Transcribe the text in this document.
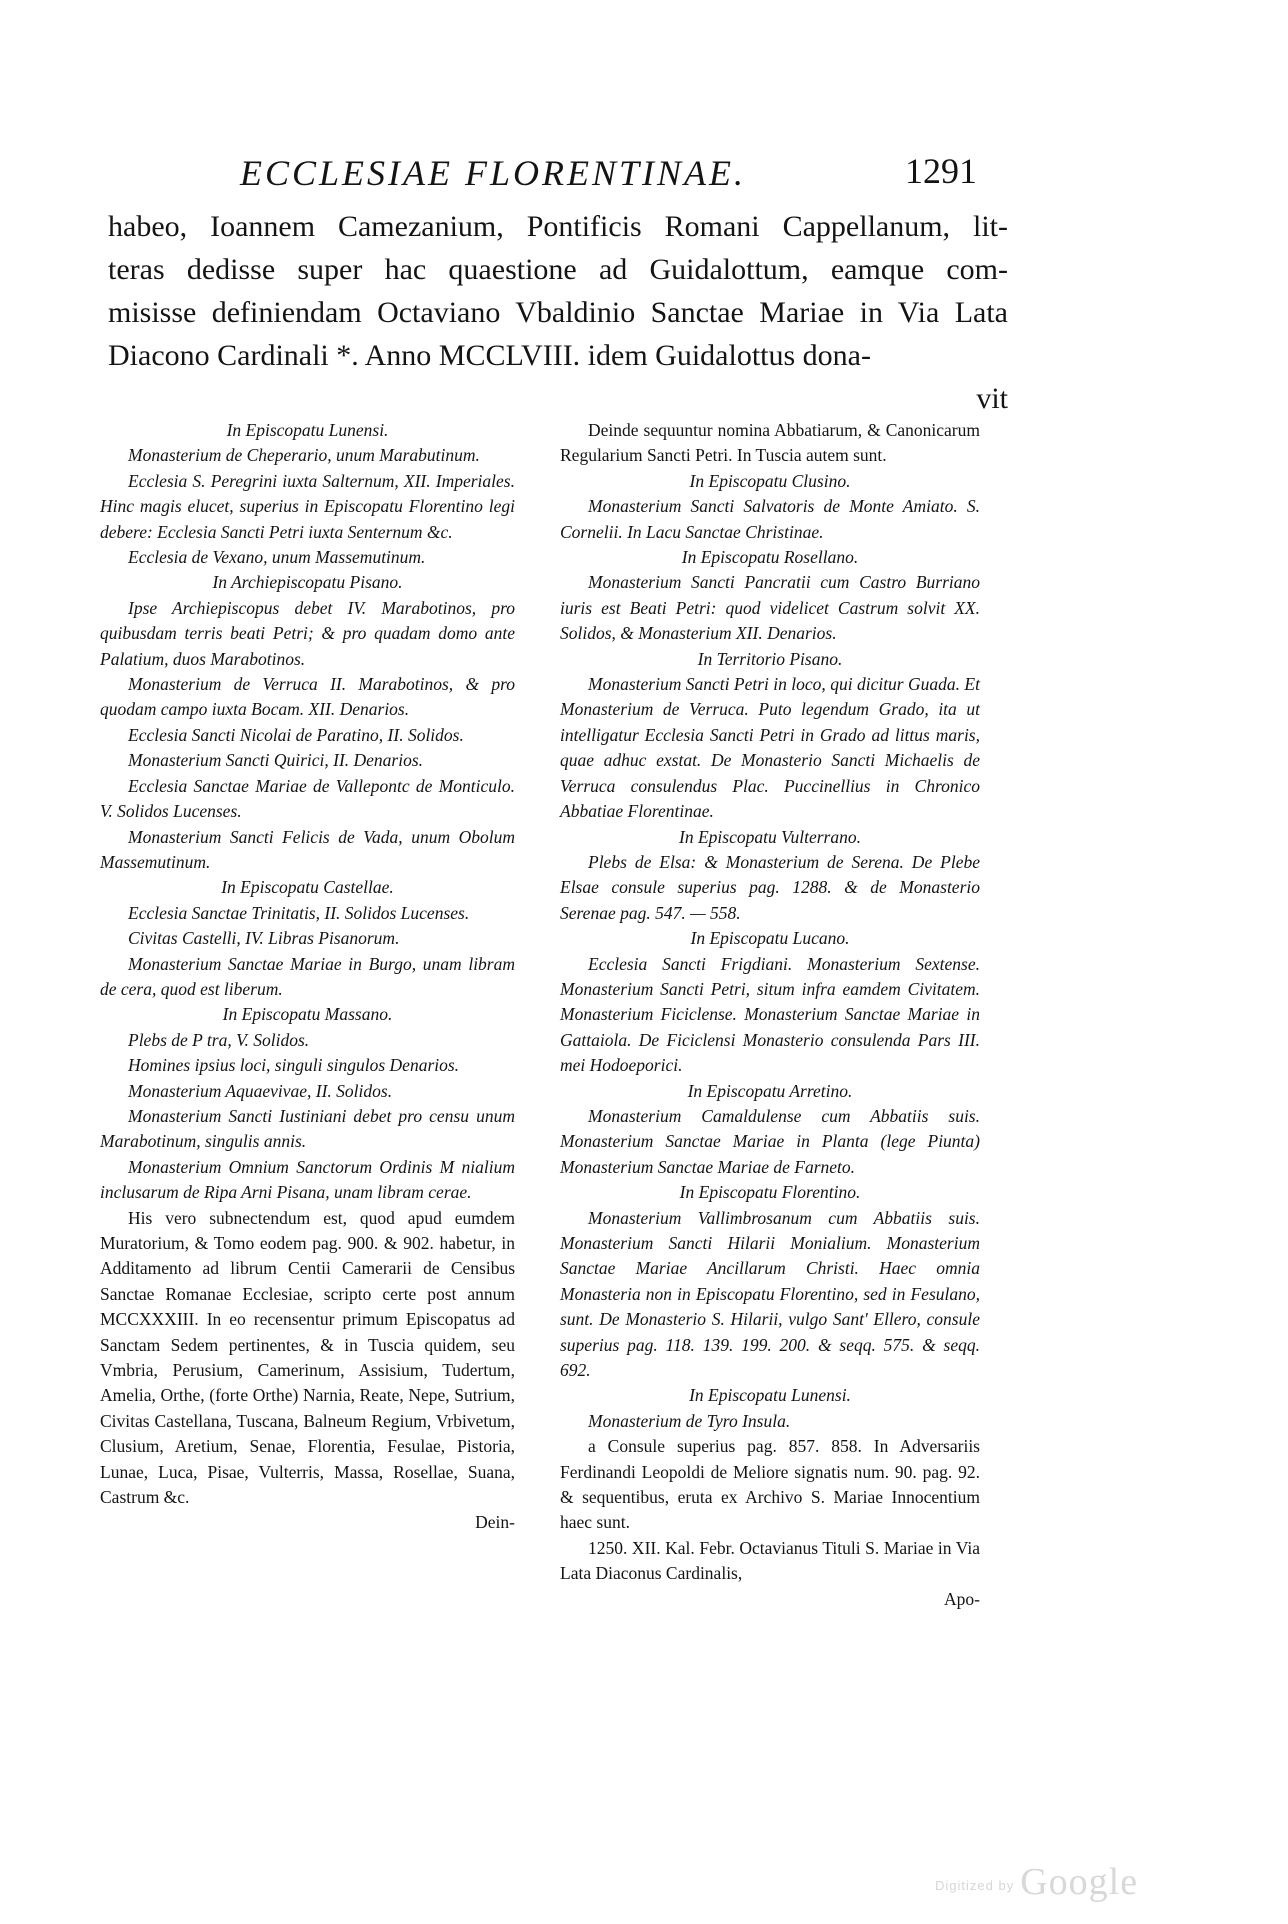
ECCLESIAE FLORENTINAE.	1291
habeo, Ioannem Camezanium, Pontificis Romani Cappellanum, lit-
teras dedisse super hac quaestione ad Guidalottum, eamque com-
misisse definiendam Octaviano Vbaldinio Sanctae Mariae in Via Lata
Diacono Cardinali *. Anno MCCLVIII. idem Guidalottus dona-
vit

In Episcopatu Lunensi.

Monasterium de Cheperario, unum Marabutinum.

Ecclesia S. Peregrini iuxta Salternum, XII. Imperiales. Hinc magis elucet, superius in Episcopatu Florentino legi debere: Ecclesia Sancti Petri iuxta Senternum &c.

Ecclesia de Vexano, unum Massemutinum.

In Archiepiscopatu Pisano.

Ipse Archiepiscopus debet IV. Marabotinos, pro quibusdam terris beati Petri; & pro quadam domo ante Palatium, duos Marabotinos.

Monasterium de Verruca II. Marabotinos, & pro quodam campo iuxta Bocam. XII. Denarios.

Ecclesia Sancti Nicolai de Paratino, II. Solidos.

Monasterium Sancti Quirici, II. Denarios.

Ecclesia Sanctae Mariae de Vallepontc de Monticulo. V. Solidos Lucenses.

Monasterium Sancti Felicis de Vada, unum Obolum Massemutinum.

In Episcopatu Castellae.

Ecclesia Sanctae Trinitatis, II. Solidos Lucenses.

Civitas Castelli, IV. Libras Pisanorum.

Monasterium Sanctae Mariae in Burgo, unam libram de cera, quod est liberum.

In Episcopatu Massano.

Plebs de P tra, V. Solidos.

Homines ipsius loci, singuli singulos Denarios.

Monasterium Aquaevivae, II. Solidos.

Monasterium Sancti Iustiniani debet pro censu unum Marabotinum, singulis annis.

Monasterium Omnium Sanctorum Ordinis M nialium inclusarum de Ripa Arni Pisana, unam libram cerae.

His vero subnectendum est, quod apud eumdem Muratorium, & Tomo eodem pag. 900. & 902. habetur, in Additamento ad librum Centii Camerarii de Censibus Sanctae Romanae Ecclesiae, scripto certe post annum MCCXXXIII. In eo recensentur primum Episcopatus ad Sanctam Sedem pertinentes, & in Tuscia quidem, seu Vmbria, Perusium, Camerinum, Assisium, Tudertum, Amelia, Orthe, (forte Orthe) Narnia, Reate, Nepe, Sutrium, Civitas Castellana, Tuscana, Balneum Regium, Vrbivetum, Clusium, Aretium, Senae, Florentia, Fesulae, Pistoria, Lunae, Luca, Pisae, Vulterris, Massa, Rosellae, Suana, Castrum &c.

Dein-

Deinde sequuntur nomina Abbatiarum, & Canonicarum Regularium Sancti Petri. In Tuscia autem sunt.

In Episcopatu Clusino.

Monasterium Sancti Salvatoris de Monte Amiato. S. Cornelii. In Lacu Sanctae Christinae.

In Episcopatu Rosellano.

Monasterium Sancti Pancratii cum Castro Burriano iuris est Beati Petri: quod videlicet Castrum solvit XX. Solidos, & Monasterium XII. Denarios.

In Territorio Pisano.

Monasterium Sancti Petri in loco, qui dicitur Guada. Et Monasterium de Verruca. Puto legendum Grado, ita ut intelligatur Ecclesia Sancti Petri in Grado ad littus maris, quae adhuc exstat. De Monasterio Sancti Michaelis de Verruca consulendus Plac. Puccinellius in Chronico Abbatiae Florentinae.

In Episcopatu Vulterrano.

Plebs de Elsa: & Monasterium de Serena. De Plebe Elsae consule superius pag. 1288. & de Monasterio Serenae pag. 547. — 558.

In Episcopatu Lucano.

Ecclesia Sancti Frigdiani. Monasterium Sextense. Monasterium Sancti Petri, situm infra eamdem Civitatem. Monasterium Ficiclense. Monasterium Sanctae Mariae in Gattaiola. De Ficiclensi Monasterio consulenda Pars III. mei Hodoeporici.

In Episcopatu Arretino.

Monasterium Camaldulense cum Abbatiis suis. Monasterium Sanctae Mariae in Planta (lege Piunta) Monasterium Sanctae Mariae de Farneto.

In Episcopatu Florentino.

Monasterium Vallimbrosanum cum Abbatiis suis. Monasterium Sancti Hilarii Monialium. Monasterium Sanctae Mariae Ancillarum Christi. Haec omnia Monasteria non in Episcopatu Florentino, sed in Fesulano, sunt. De Monasterio S. Hilarii, vulgo Sant' Ellero, consule superius pag. 118. 139. 199. 200. & seqq. 575. & seqq. 692.

In Episcopatu Lunensi.

Monasterium de Tyro Insula.

a Consule superius pag. 857. 858. In Adversariis Ferdinandi Leopoldi de Meliore signatis num. 90. pag. 92. & sequentibus, eruta ex Archivo S. Mariae Innocentium haec sunt.

1250. XII. Kal. Febr. Octavianus Tituli S. Mariae in Via Lata Diaconus Cardinalis,

Apo-

Digitized by Google
